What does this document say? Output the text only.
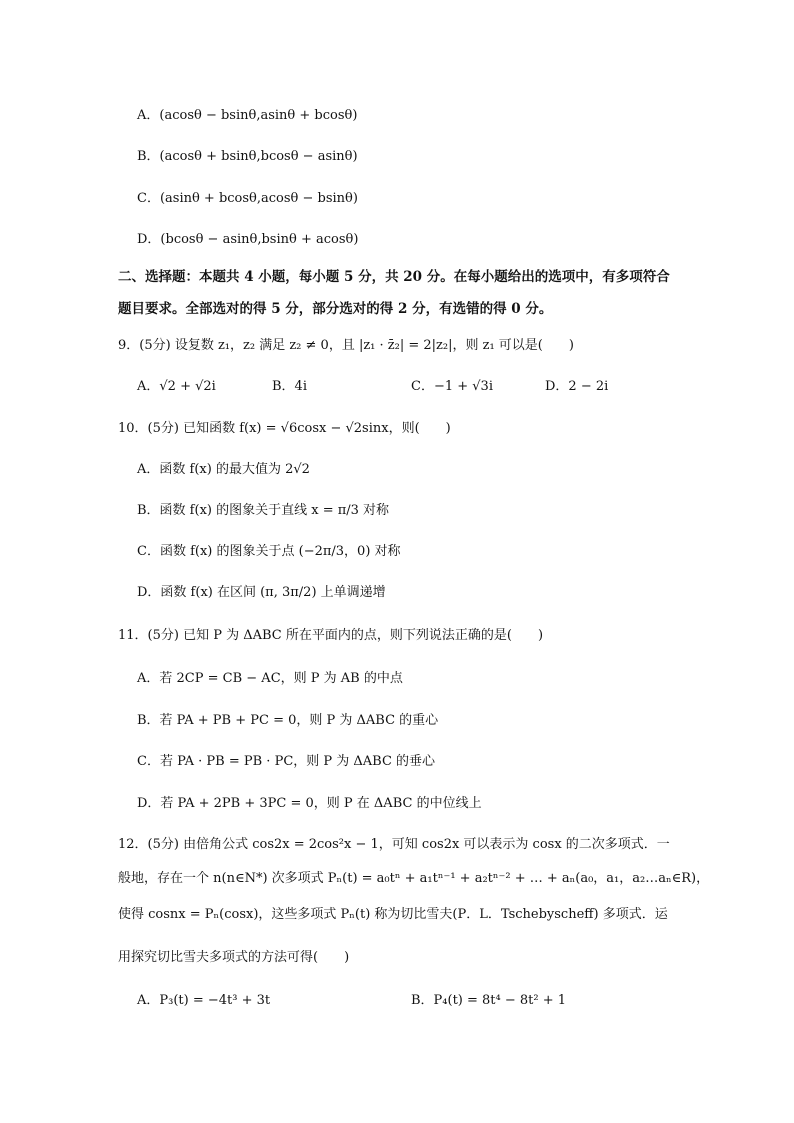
A．(acosθ − bsinθ,asinθ + bcosθ)
B．(acosθ + bsinθ,bcosθ − asinθ)
C．(asinθ + bcosθ,acosθ − bsinθ)
D．(bcosθ − asinθ,bsinθ + acosθ)
二、选择题：本题共 4 小题，每小题 5 分，共 20 分。在每小题给出的选项中，有多项符合
题目要求。全部选对的得 5 分，部分选对的得 2 分，有选错的得 0 分。
9．(5分) 设复数 z₁，z₂ 满足 z₂ ≠ 0，且 |z₁ · z̄₂| = 2|z₂|，则 z₁ 可以是(　　)
A．√2 + √2i	B．4i	C．−1 + √3i	D．2 − 2i
10．(5分) 已知函数 f(x) = √6cosx − √2sinx，则(　　)
A．函数 f(x) 的最大值为 2√2
B．函数 f(x) 的图象关于直线 x = π/3 对称
C．函数 f(x) 的图象关于点 (−2π/3，0) 对称
D．函数 f(x) 在区间 (π, 3π/2) 上单调递增
11．(5分) 已知 P 为 ΔABC 所在平面内的点，则下列说法正确的是(　　)
A．若 2CP = CB − AC，则 P 为 AB 的中点
B．若 PA + PB + PC = 0，则 P 为 ΔABC 的重心
C．若 PA · PB = PB · PC，则 P 为 ΔABC 的垂心
D．若 PA + 2PB + 3PC = 0，则 P 在 ΔABC 的中位线上
12．(5分) 由倍角公式 cos2x = 2cos²x − 1，可知 cos2x 可以表示为 cosx 的二次多项式．一
般地，存在一个 n(n∈N*) 次多项式 Pₙ(t) = a₀tⁿ + a₁tⁿ⁻¹ + a₂tⁿ⁻² + … + aₙ(a₀，a₁，a₂…aₙ∈R)，
使得 cosnx = Pₙ(cosx)，这些多项式 Pₙ(t) 称为切比雪夫(P．L．Tschebyscheff) 多项式．运
用探究切比雪夫多项式的方法可得(　　)
A．P₃(t) = −4t³ + 3t	B．P₄(t) = 8t⁴ − 8t² + 1
